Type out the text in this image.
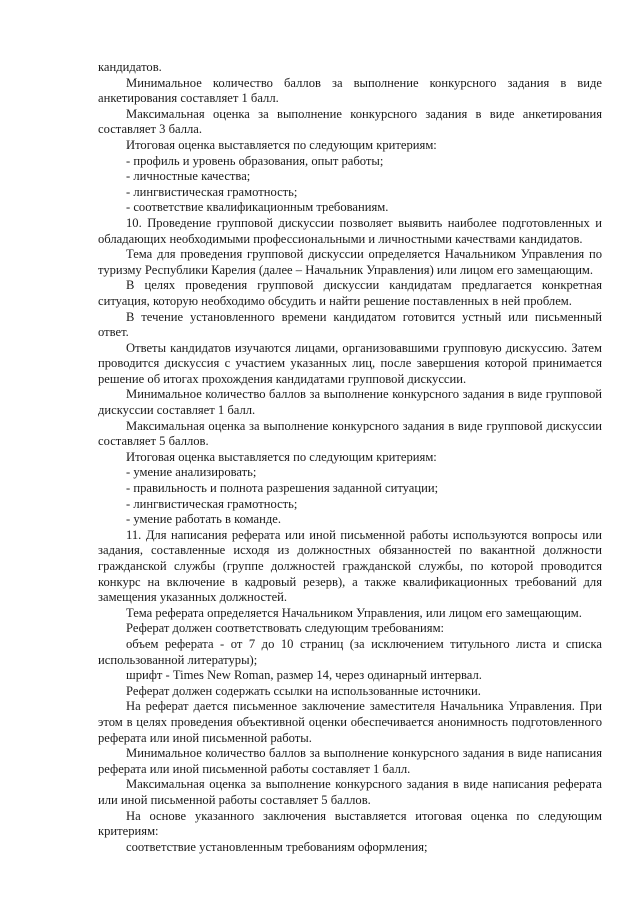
кандидатов.

Минимальное количество баллов за выполнение конкурсного задания в виде анкетирования составляет 1 балл.

Максимальная оценка за выполнение конкурсного задания в виде анкетирования составляет 3 балла.

Итоговая оценка выставляется по следующим критериям:

- профиль и уровень образования, опыт работы;

- личностные качества;

- лингвистическая грамотность;

- соответствие квалификационным требованиям.

10. Проведение групповой дискуссии позволяет выявить наиболее подготовленных и обладающих необходимыми профессиональными и личностными качествами кандидатов.

Тема для проведения групповой дискуссии определяется Начальником Управления по туризму Республики Карелия (далее – Начальник Управления) или лицом его замещающим.

В целях проведения групповой дискуссии кандидатам предлагается конкретная ситуация, которую необходимо обсудить и найти решение поставленных в ней проблем.

В течение установленного времени кандидатом готовится устный или письменный ответ.

Ответы кандидатов изучаются лицами, организовавшими групповую дискуссию. Затем проводится дискуссия с участием указанных лиц, после завершения которой принимается решение об итогах прохождения кандидатами групповой дискуссии.

Минимальное количество баллов за выполнение конкурсного задания в виде групповой дискуссии составляет 1 балл.

Максимальная оценка за выполнение конкурсного задания в виде групповой дискуссии составляет 5 баллов.

Итоговая оценка выставляется по следующим критериям:

- умение анализировать;

- правильность и полнота разрешения заданной ситуации;

- лингвистическая грамотность;

- умение работать в команде.

11. Для написания реферата или иной письменной работы используются вопросы или задания, составленные исходя из должностных обязанностей по вакантной должности гражданской службы (группе должностей гражданской службы, по которой проводится конкурс на включение в кадровый резерв), а также квалификационных требований для замещения указанных должностей.

Тема реферата определяется Начальником Управления, или лицом его замещающим.

Реферат должен соответствовать следующим требованиям:

объем реферата - от 7 до 10 страниц (за исключением титульного листа и списка использованной литературы);

шрифт - Times New Roman, размер 14, через одинарный интервал.

Реферат должен содержать ссылки на использованные источники.

На реферат дается письменное заключение заместителя Начальника Управления. При этом в целях проведения объективной оценки обеспечивается анонимность подготовленного реферата или иной письменной работы.

Минимальное количество баллов за выполнение конкурсного задания в виде написания реферата или иной письменной работы составляет 1 балл.

Максимальная оценка за выполнение конкурсного задания в виде написания реферата или иной письменной работы составляет 5 баллов.

На основе указанного заключения выставляется итоговая оценка по следующим критериям:

соответствие установленным требованиям оформления;
